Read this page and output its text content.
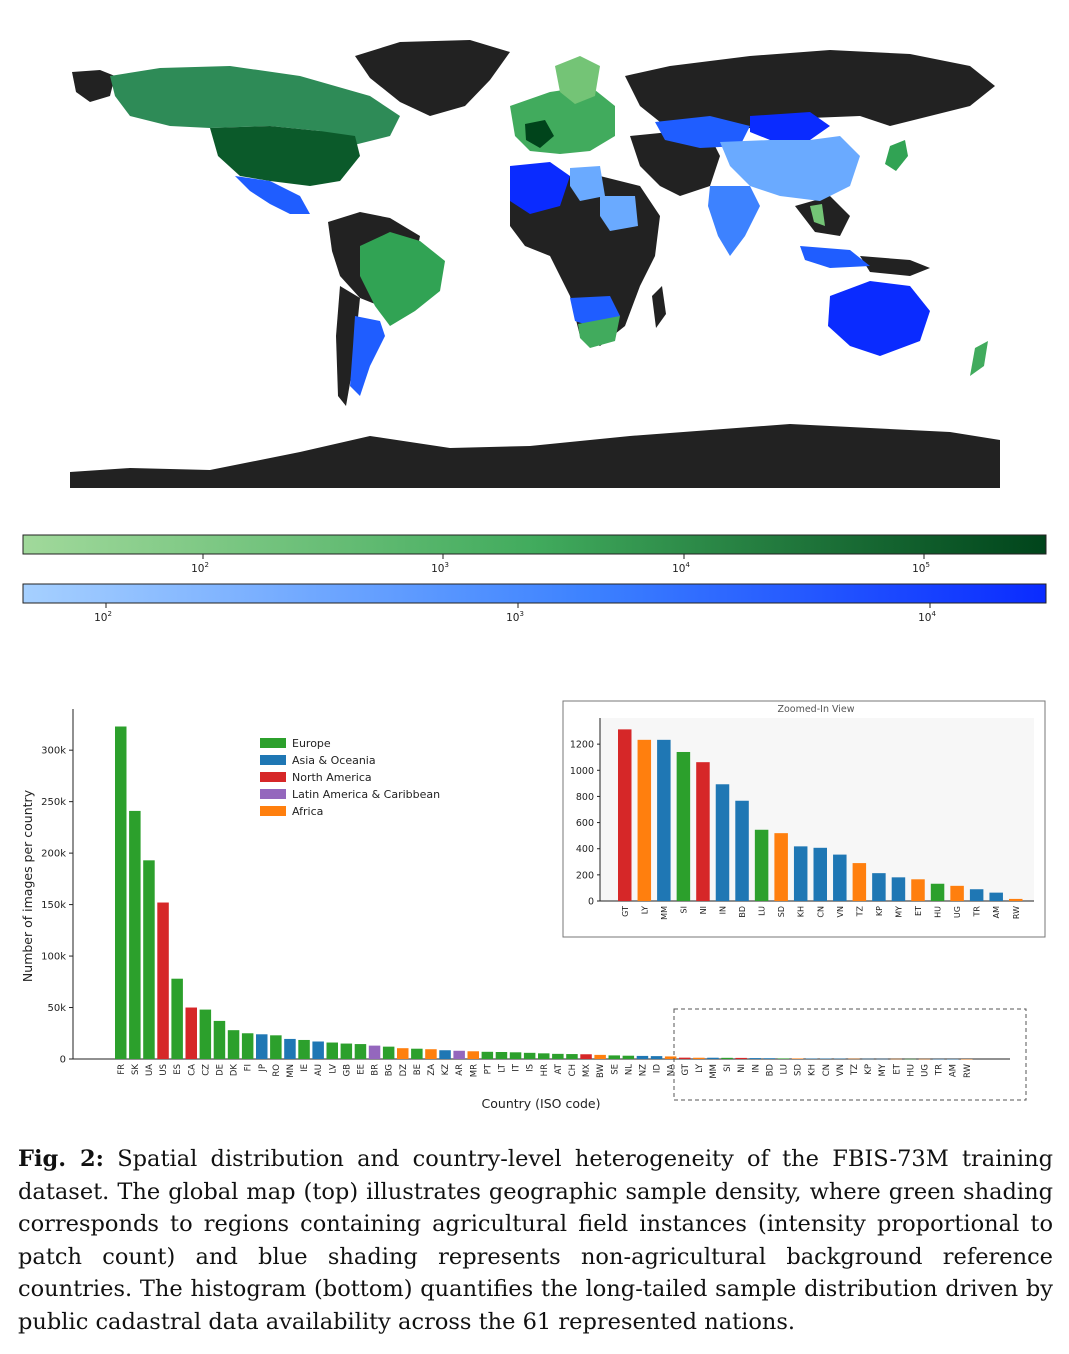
$10^2$	$10^3$	$10^4$	$10^5$
$10^2$	$10^3$	$10^4$
0
50k
100k
150k
200k
250k
300k
FR SK UA US ES CA CZ DE DK FI JP RO MN IE AU LV GB EE BR BG DZ BE ZA KZ AR MR PT LT IT IS HR AT CH MX BW SE NL NZ ID NA GT LY MM SI NI IN BD LU SD KH CN VN TZ KP MY ET HU UG TR AM RW
Number of images per country
Country (ISO code)
Europe
Asia & Oceania
North America
Latin America & Caribbean
Africa
Zoomed-In View
0
200
400
600
800
1000
1200
GT LY MM SI NI IN BD LU SD KH CN VN TZ KP MY ET HU UG TR AM RW
Fig. 2: Spatial distribution and country-level heterogeneity of the FBIS-73M training dataset. The global map (top) illustrates geographic sample density, where green shading corresponds to regions containing agricultural field instances (intensity proportional to patch count) and blue shading represents non-agricultural background reference countries. The histogram (bottom) quantifies the long-tailed sample distribution driven by public cadastral data availability across the 61 represented nations.
